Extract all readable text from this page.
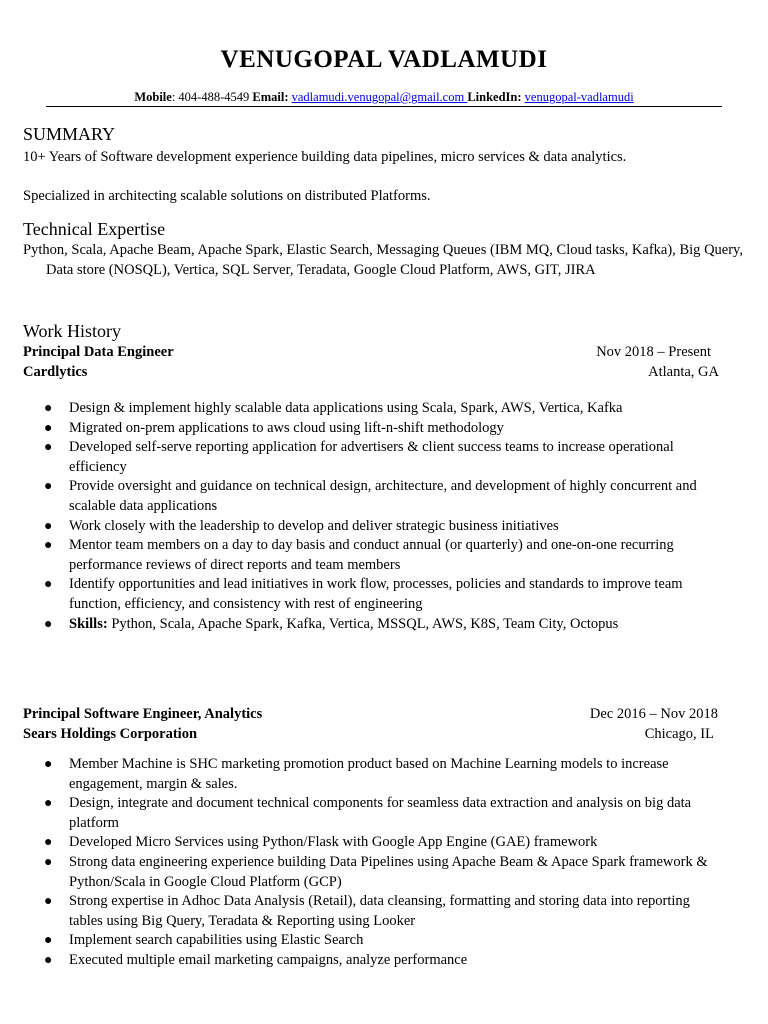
VENUGOPAL VADLAMUDI
Mobile: 404-488-4549 Email: vadlamudi.venugopal@gmail.com LinkedIn: venugopal-vadlamudi
SUMMARY
10+ Years of Software development experience building data pipelines, micro services & data analytics.
Specialized in architecting scalable solutions on distributed Platforms.
Technical Expertise
Python, Scala, Apache Beam, Apache Spark, Elastic Search, Messaging Queues (IBM MQ, Cloud tasks, Kafka), Big Query, Data store (NOSQL), Vertica, SQL Server, Teradata, Google Cloud Platform, AWS, GIT, JIRA
Work History
Principal Data Engineer	Nov 2018 – Present
Cardlytics	Atlanta, GA
● Design & implement highly scalable data applications using Scala, Spark, AWS, Vertica, Kafka
● Migrated on-prem applications to aws cloud using lift-n-shift methodology
● Developed self-serve reporting application for advertisers & client success teams to increase operational efficiency
● Provide oversight and guidance on technical design, architecture, and development of highly concurrent and scalable data applications
● Work closely with the leadership to develop and deliver strategic business initiatives
● Mentor team members on a day to day basis and conduct annual (or quarterly) and one-on-one recurring performance reviews of direct reports and team members
● Identify opportunities and lead initiatives in work flow, processes, policies and standards to improve team function, efficiency, and consistency with rest of engineering
● Skills: Python, Scala, Apache Spark, Kafka, Vertica, MSSQL, AWS, K8S, Team City, Octopus
Principal Software Engineer, Analytics	Dec 2016 – Nov 2018
Sears Holdings Corporation	Chicago, IL
● Member Machine is SHC marketing promotion product based on Machine Learning models to increase engagement, margin & sales.
● Design, integrate and document technical components for seamless data extraction and analysis on big data platform
● Developed Micro Services using Python/Flask with Google App Engine (GAE) framework
● Strong data engineering experience building Data Pipelines using Apache Beam & Apace Spark framework & Python/Scala in Google Cloud Platform (GCP)
● Strong expertise in Adhoc Data Analysis (Retail), data cleansing, formatting and storing data into reporting tables using Big Query, Teradata & Reporting using Looker
● Implement search capabilities using Elastic Search
● Executed multiple email marketing campaigns, analyze performance
